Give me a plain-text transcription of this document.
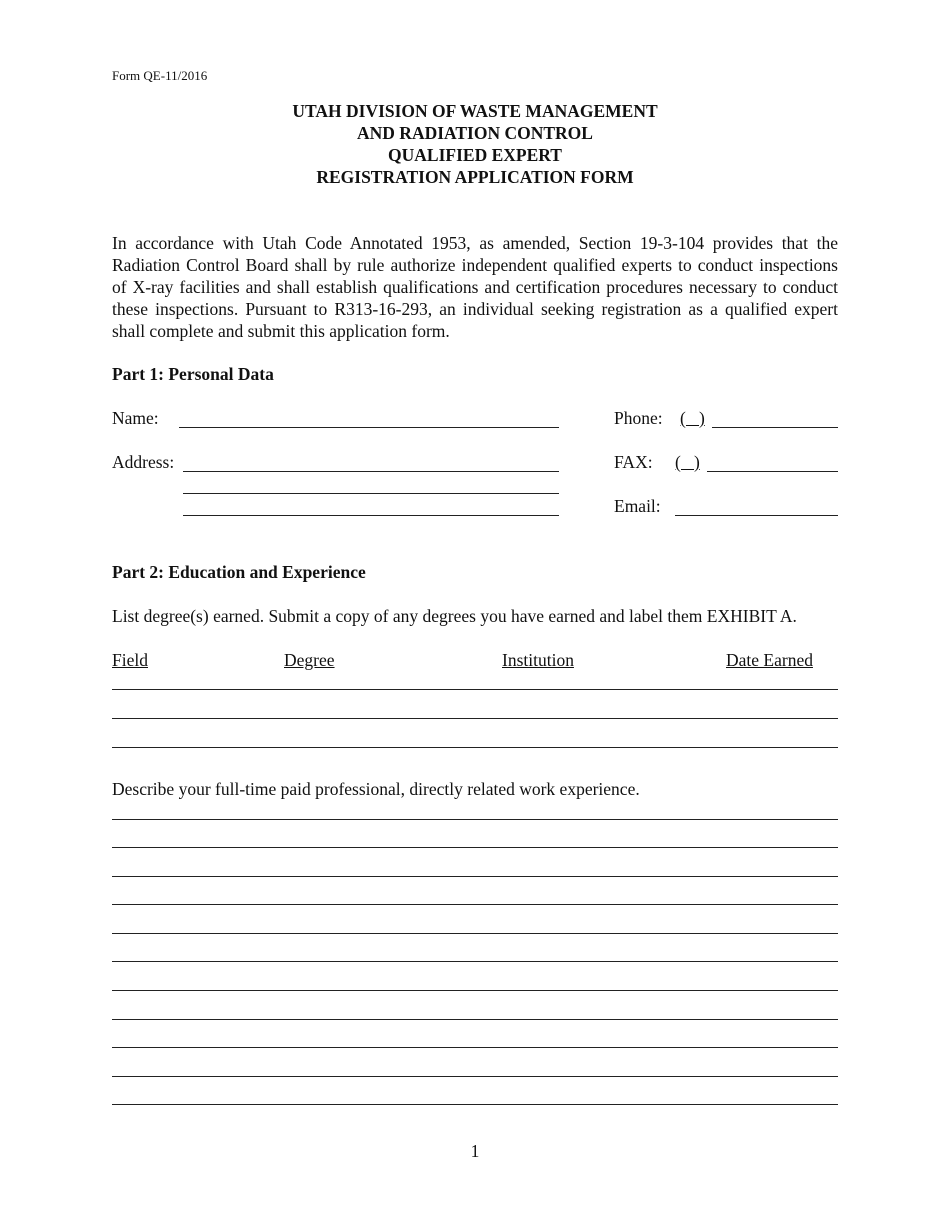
Form QE-11/2016
UTAH DIVISION OF WASTE MANAGEMENT
AND RADIATION CONTROL
QUALIFIED EXPERT
REGISTRATION APPLICATION FORM
In accordance with Utah Code Annotated 1953, as amended, Section 19-3-104 provides that the
Radiation Control Board shall by rule authorize independent qualified experts to conduct inspections
of X-ray facilities and shall establish qualifications and certification procedures necessary to conduct
these inspections. Pursuant to R313-16-293, an individual seeking registration as a qualified expert
shall complete and submit this application form.
Part 1: Personal Data
Name:
Address:
Phone: (   )
FAX: (   )
Email:
Part 2: Education and Experience
List degree(s) earned. Submit a copy of any degrees you have earned and label them EXHIBIT A.
Field	Degree	Institution	Date Earned
Describe your full-time paid professional, directly related work experience.
1
